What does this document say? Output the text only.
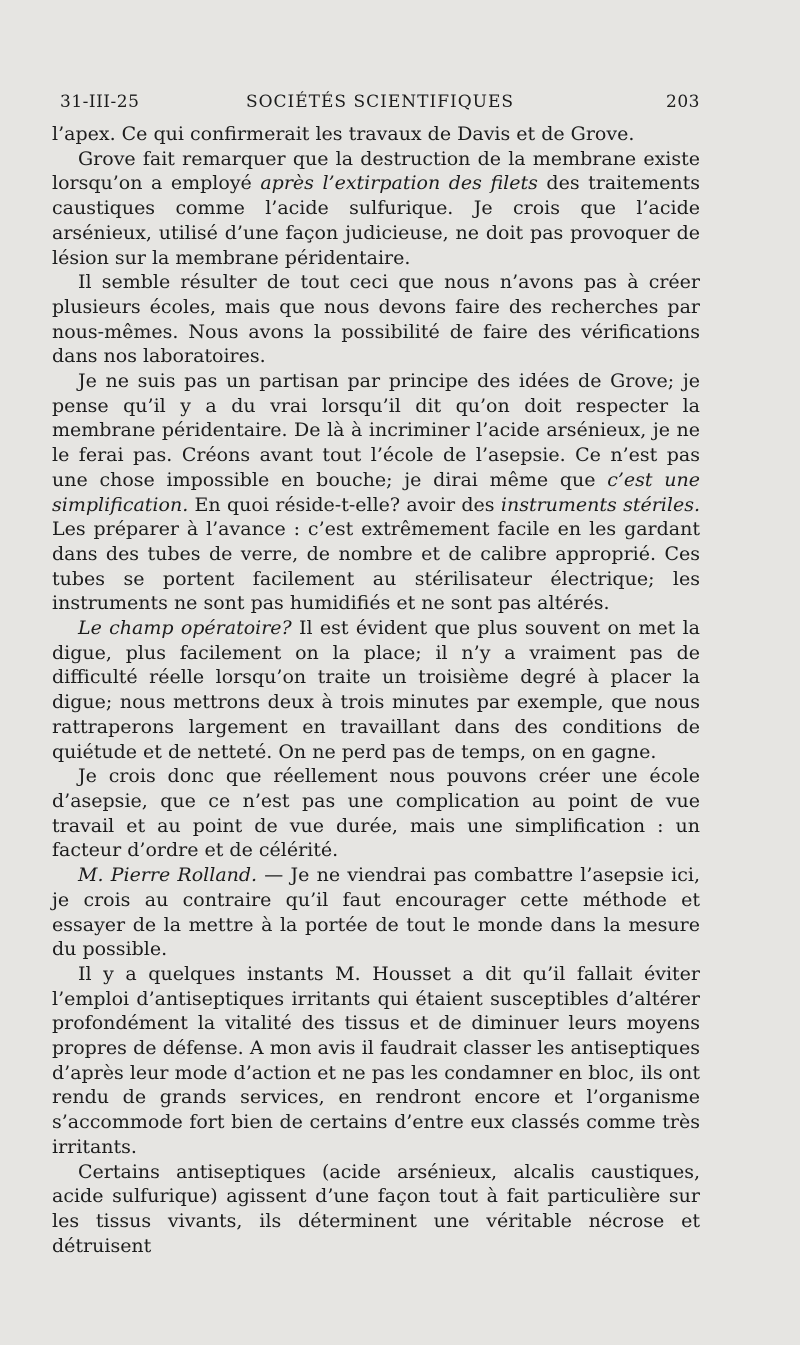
31-III-25	SOCIÉTÉS SCIENTIFIQUES	203

l’apex. Ce qui confirmerait les travaux de Davis et de Grove.

Grove fait remarquer que la destruction de la membrane existe lorsqu’on a employé après l’extirpation des filets des traitements caustiques comme l’acide sulfurique. Je crois que l’acide arsénieux, utilisé d’une façon judicieuse, ne doit pas provoquer de lésion sur la membrane péridentaire.

Il semble résulter de tout ceci que nous n’avons pas à créer plusieurs écoles, mais que nous devons faire des recherches par nous-mêmes. Nous avons la possibilité de faire des vérifications dans nos laboratoires.

Je ne suis pas un partisan par principe des idées de Grove; je pense qu’il y a du vrai lorsqu’il dit qu’on doit respecter la membrane péridentaire. De là à incriminer l’acide arsénieux, je ne le ferai pas. Créons avant tout l’école de l’asepsie. Ce n’est pas une chose impossible en bouche; je dirai même que c’est une simplification. En quoi réside-t-elle? avoir des instruments stériles. Les préparer à l’avance : c’est extrêmement facile en les gardant dans des tubes de verre, de nombre et de calibre approprié. Ces tubes se portent facilement au stérilisateur électrique; les instruments ne sont pas humidifiés et ne sont pas altérés.

Le champ opératoire? Il est évident que plus souvent on met la digue, plus facilement on la place; il n’y a vraiment pas de difficulté réelle lorsqu’on traite un troisième degré à placer la digue; nous mettrons deux à trois minutes par exemple, que nous rattraperons largement en travaillant dans des conditions de quiétude et de netteté. On ne perd pas de temps, on en gagne.

Je crois donc que réellement nous pouvons créer une école d’asepsie, que ce n’est pas une complication au point de vue travail et au point de vue durée, mais une simplification : un facteur d’ordre et de célérité.

M. Pierre Rolland. — Je ne viendrai pas combattre l’asepsie ici, je crois au contraire qu’il faut encourager cette méthode et essayer de la mettre à la portée de tout le monde dans la mesure du possible.

Il y a quelques instants M. Housset a dit qu’il fallait éviter l’emploi d’antiseptiques irritants qui étaient susceptibles d’altérer profondément la vitalité des tissus et de diminuer leurs moyens propres de défense. A mon avis il faudrait classer les antiseptiques d’après leur mode d’action et ne pas les condamner en bloc, ils ont rendu de grands services, en rendront encore et l’organisme s’accommode fort bien de certains d’entre eux classés comme très irritants.

Certains antiseptiques (acide arsénieux, alcalis caustiques, acide sulfurique) agissent d’une façon tout à fait particulière sur les tissus vivants, ils déterminent une véritable nécrose et détruisent
